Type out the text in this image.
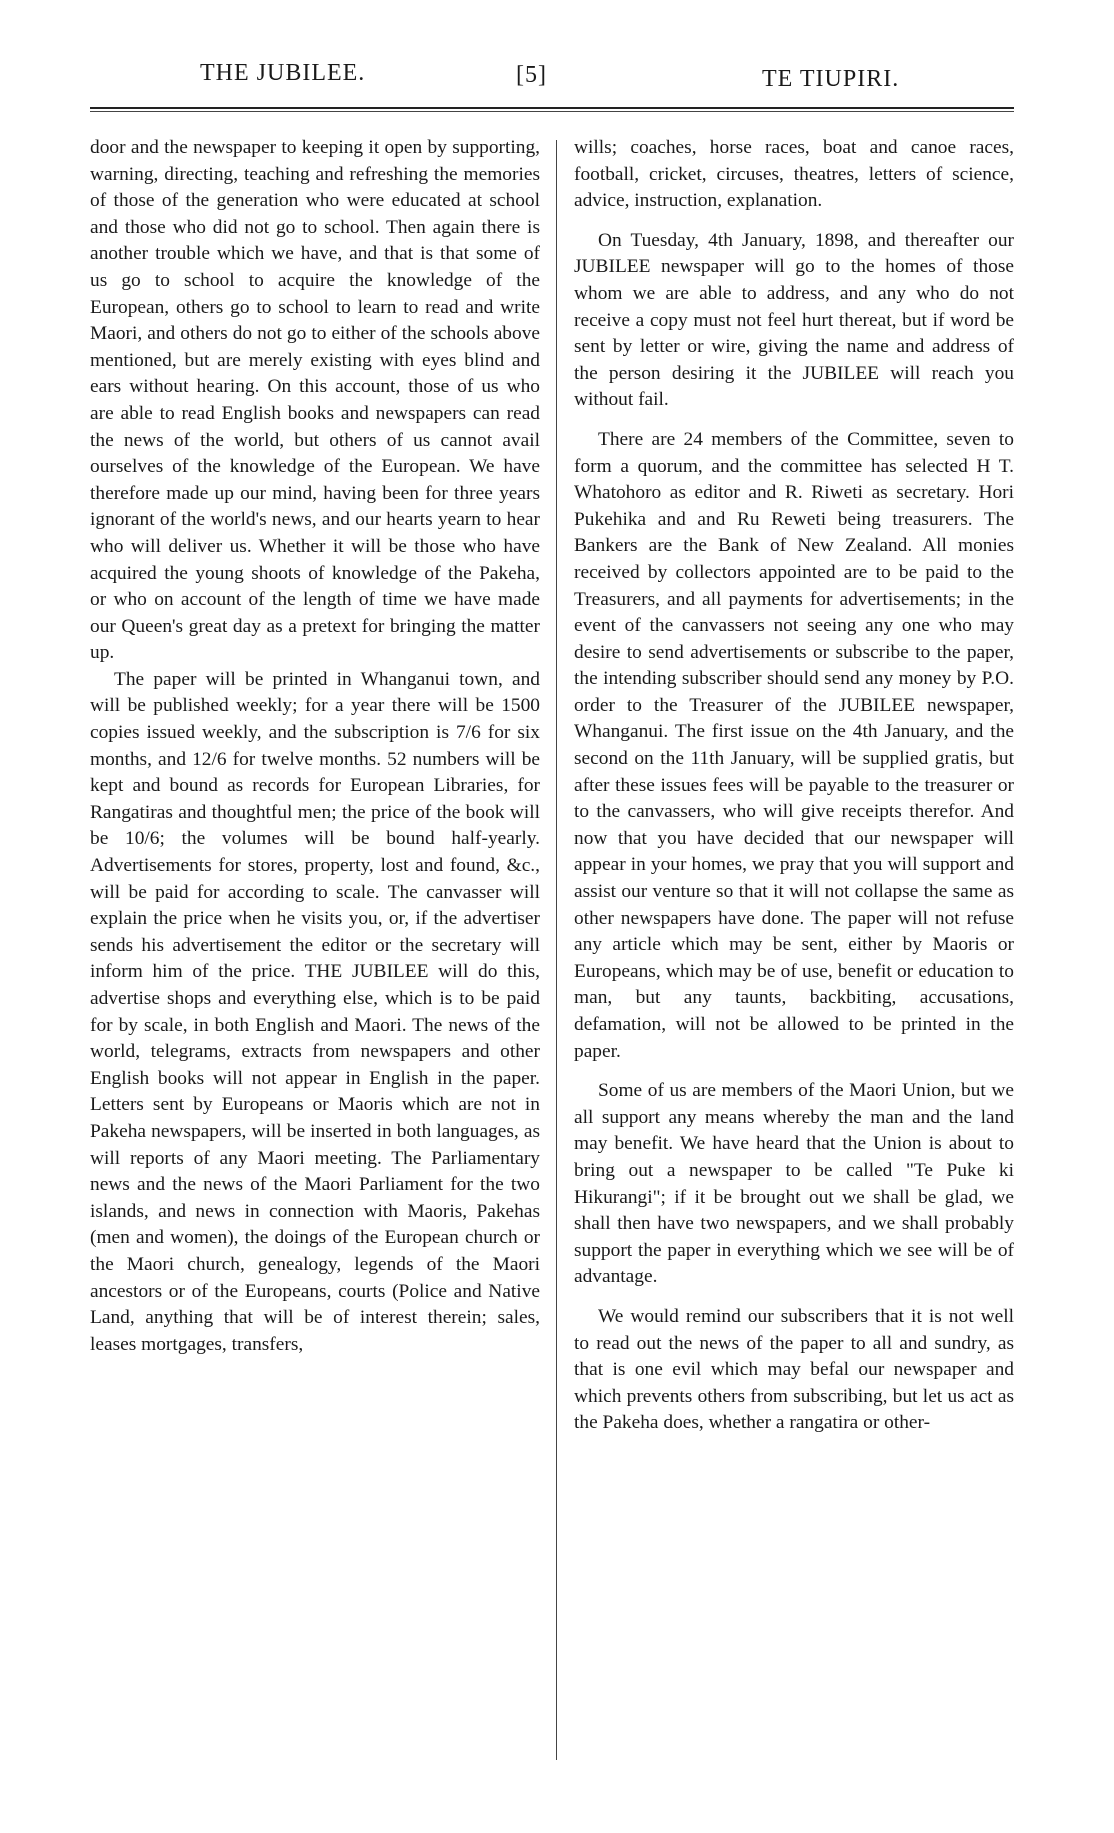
THE JUBILEE.	[5]	TE TIUPIRI.

door and the newspaper to keeping it open by supporting, warning, directing, teaching and refreshing the memories of those of the generation who were educated at school and those who did not go to school. Then again there is another trouble which we have, and that is that some of us go to school to acquire the knowledge of the European, others go to school to learn to read and write Maori, and others do not go to either of the schools above mentioned, but are merely existing with eyes blind and ears without hearing. On this account, those of us who are able to read English books and newspapers can read the news of the world, but others of us cannot avail ourselves of the knowledge of the European. We have therefore made up our mind, having been for three years ignorant of the world's news, and our hearts yearn to hear who will deliver us. Whether it will be those who have acquired the young shoots of knowledge of the Pakeha, or who on account of the length of time we have made our Queen's great day as a pretext for bringing the matter up.

The paper will be printed in Whanganui town, and will be published weekly; for a year there will be 1500 copies issued weekly, and the subscription is 7/6 for six months, and 12/6 for twelve months. 52 numbers will be kept and bound as records for European Libraries, for Rangatiras and thoughtful men; the price of the book will be 10/6; the volumes will be bound half-yearly. Advertisements for stores, property, lost and found, &c., will be paid for according to scale. The canvasser will explain the price when he visits you, or, if the advertiser sends his advertisement the editor or the secretary will inform him of the price. THE JUBILEE will do this, advertise shops and everything else, which is to be paid for by scale, in both English and Maori. The news of the world, telegrams, extracts from newspapers and other English books will not appear in English in the paper. Letters sent by Europeans or Maoris which are not in Pakeha newspapers, will be inserted in both languages, as will reports of any Maori meeting. The Parliamentary news and the news of the Maori Parliament for the two islands, and news in connection with Maoris, Pakehas (men and women), the doings of the European church or the Maori church, genealogy, legends of the Maori ancestors or of the Europeans, courts (Police and Native Land, anything that will be of interest therein; sales, leases mortgages, transfers,

wills; coaches, horse races, boat and canoe races, football, cricket, circuses, theatres, letters of science, advice, instruction, explanation.

On Tuesday, 4th January, 1898, and thereafter our JUBILEE newspaper will go to the homes of those whom we are able to address, and any who do not receive a copy must not feel hurt thereat, but if word be sent by letter or wire, giving the name and address of the person desiring it the JUBILEE will reach you without fail.

There are 24 members of the Committee, seven to form a quorum, and the committee has selected H T. Whatohoro as editor and R. Riweti as secretary. Hori Pukehika and and Ru Reweti being treasurers. The Bankers are the Bank of New Zealand. All monies received by collectors appointed are to be paid to the Treasurers, and all payments for advertisements; in the event of the canvassers not seeing any one who may desire to send advertisements or subscribe to the paper, the intending subscriber should send any money by P.O. order to the Treasurer of the JUBILEE newspaper, Whanganui. The first issue on the 4th January, and the second on the 11th January, will be supplied gratis, but after these issues fees will be payable to the treasurer or to the canvassers, who will give receipts therefor. And now that you have decided that our newspaper will appear in your homes, we pray that you will support and assist our venture so that it will not collapse the same as other newspapers have done. The paper will not refuse any article which may be sent, either by Maoris or Europeans, which may be of use, benefit or education to man, but any taunts, backbiting, accusations, defamation, will not be allowed to be printed in the paper.

Some of us are members of the Maori Union, but we all support any means whereby the man and the land may benefit. We have heard that the Union is about to bring out a newspaper to be called "Te Puke ki Hikurangi"; if it be brought out we shall be glad, we shall then have two newspapers, and we shall probably support the paper in everything which we see will be of advantage.

We would remind our subscribers that it is not well to read out the news of the paper to all and sundry, as that is one evil which may befal our newspaper and which prevents others from subscribing, but let us act as the Pakeha does, whether a rangatira or other-
